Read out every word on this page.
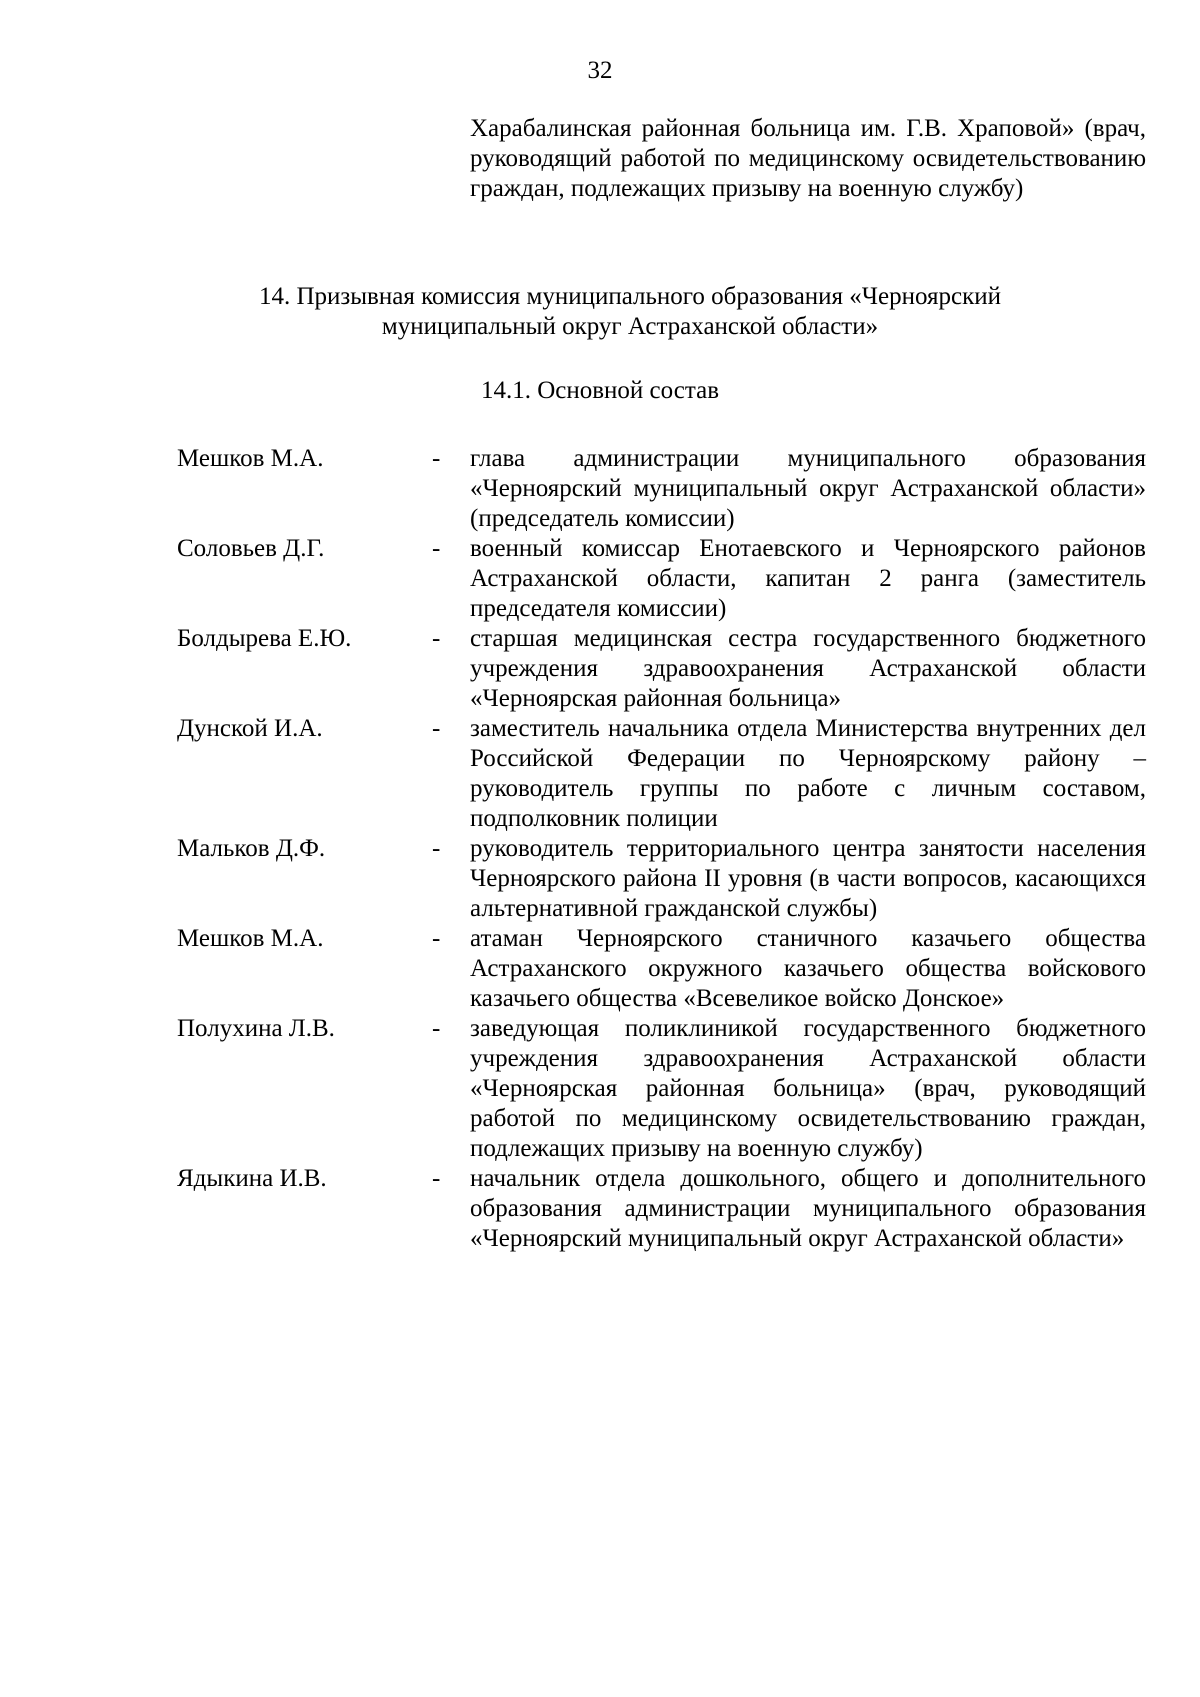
32
Харабалинская районная больница им. Г.В. Храповой» (врач, руководящий работой по медицинскому освидетельствованию граждан, подлежащих призыву на военную службу)
14. Призывная комиссия муниципального образования «Черноярский
муниципальный округ Астраханской области»
14.1. Основной состав
Мешков М.А.	-	глава администрации муниципального образования «Черноярский муниципальный округ Астраханской области» (председатель комиссии)
Соловьев Д.Г.	-	военный комиссар Енотаевского и Черноярского районов Астраханской области, капитан 2 ранга (заместитель председателя комиссии)
Болдырева Е.Ю.	-	старшая медицинская сестра государственного бюджетного учреждения здравоохранения Астраханской области «Черноярская районная больница»
Дунской И.А.	-	заместитель начальника отдела Министерства внутренних дел Российской Федерации по Черноярскому району – руководитель группы по работе с личным составом, подполковник полиции
Мальков Д.Ф.	-	руководитель территориального центра занятости населения Черноярского района II уровня (в части вопросов, касающихся альтернативной гражданской службы)
Мешков М.А.	-	атаман Черноярского станичного казачьего общества Астраханского окружного казачьего общества войскового казачьего общества «Всевеликое войско Донское»
Полухина Л.В.	-	заведующая поликлиникой государственного бюджетного учреждения здравоохранения Астраханской области «Черноярская районная больница» (врач, руководящий работой по медицинскому освидетельствованию граждан, подлежащих призыву на военную службу)
Ядыкина И.В.	-	начальник отдела дошкольного, общего и дополнительного образования администрации муниципального образования «Черноярский муниципальный округ Астраханской области»
